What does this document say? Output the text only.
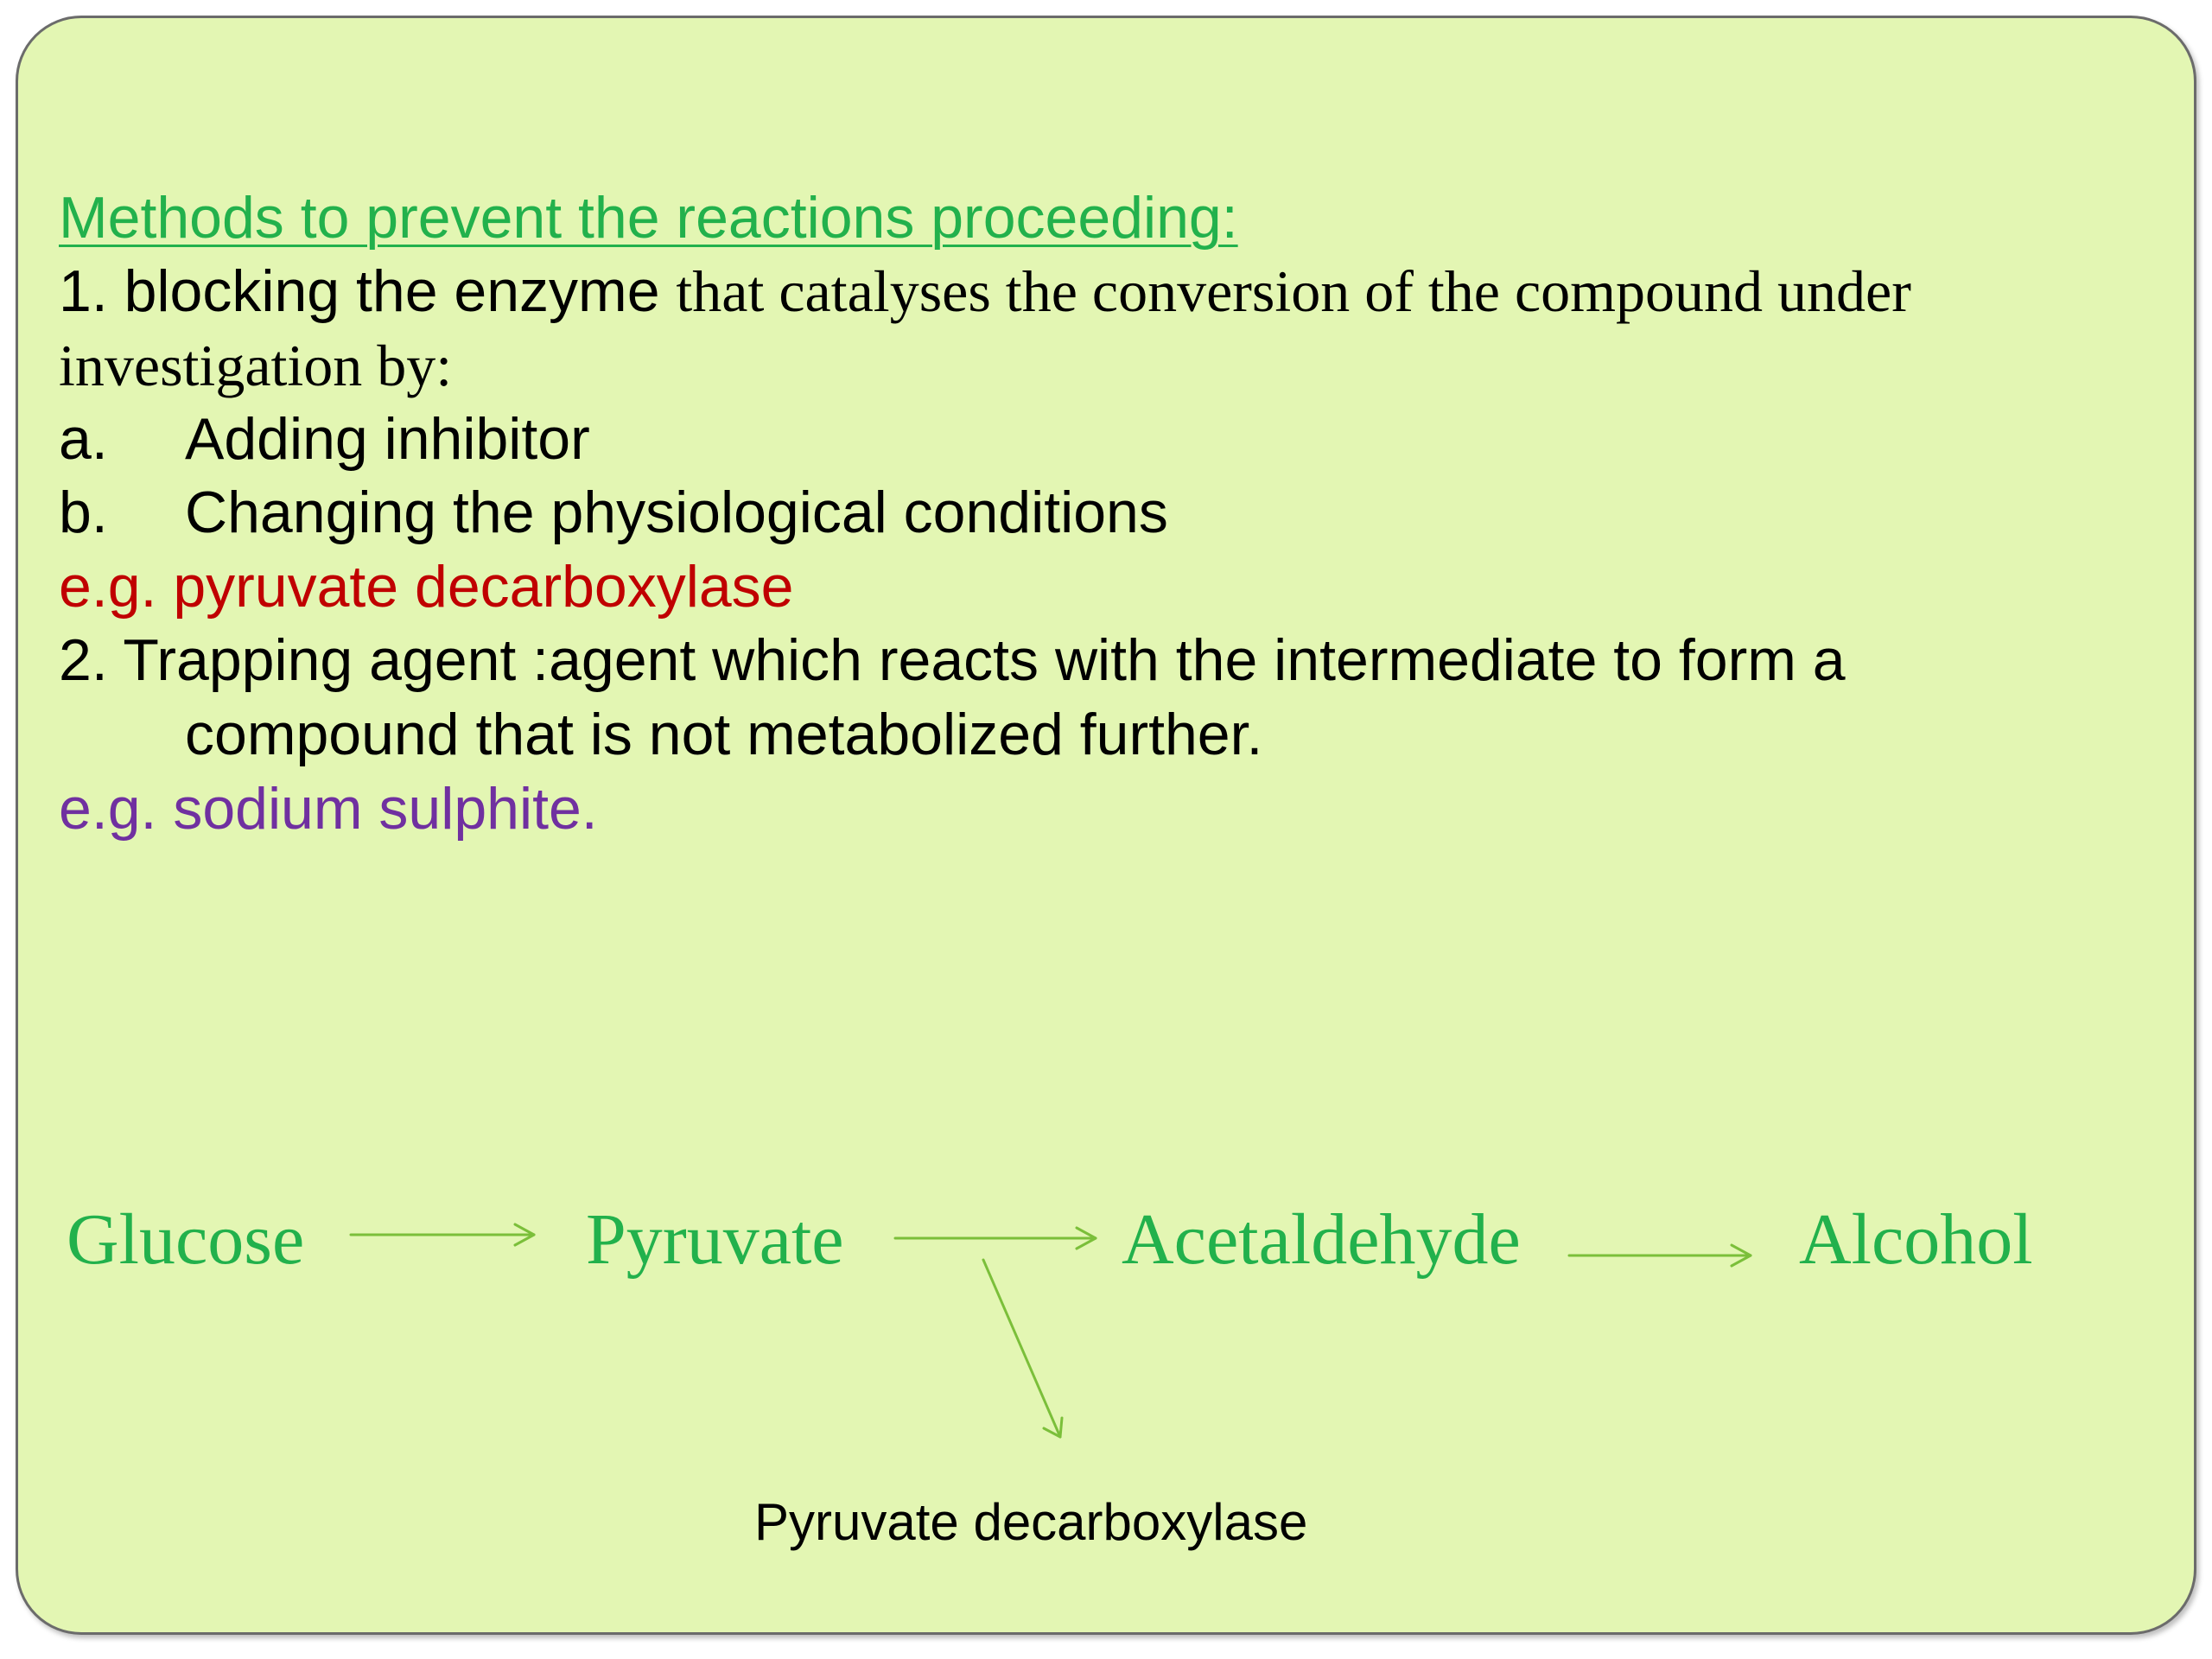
Methods to prevent the reactions proceeding:
1. blocking the enzyme that catalyses the conversion of the compound under
investigation by:
a. Adding inhibitor
b. Changing the physiological conditions
e.g. pyruvate decarboxylase
2. Trapping agent :agent which reacts with the intermediate to form a
compound that is not metabolized further.
e.g. sodium sulphite.
Glucose	Pyruvate	Acetaldehyde	Alcohol
Pyruvate decarboxylase
